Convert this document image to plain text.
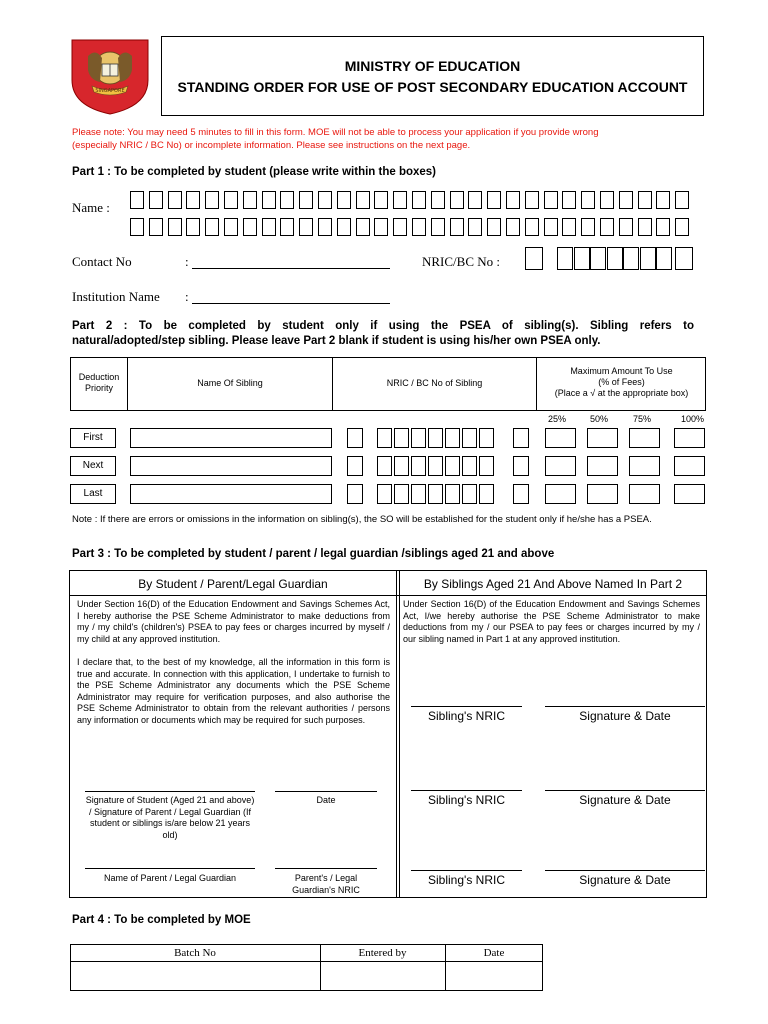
SINGAPORE
MINISTRY OF EDUCATION
STANDING ORDER FOR USE OF POST SECONDARY EDUCATION ACCOUNT
Please note: You may need 5 minutes to fill in this form. MOE will not be able to process your application if you provide wrong
(especially NRIC / BC No) or incomplete information. Please see instructions on the next page.
Part 1 : To be completed by student (please write within the boxes)
Name :
Contact No	:	NRIC/BC No :
Institution Name :
Part 2 : To be completed by student only if using the PSEA of sibling(s). Sibling refers to
natural/adopted/step sibling. Please leave Part 2 blank if student is using his/her own PSEA only.
Deduction Priority	Name Of Sibling	NRIC / BC No of Sibling
Maximum Amount To Use
(% of Fees)
(Place a √ at the appropriate box)
25%	50%	75%	100%
First
Next
Last
Note : If there are errors or omissions in the information on sibling(s), the SO will be established for the student only if he/she has a PSEA.
Part 3 : To be completed by student / parent / legal guardian /siblings aged 21 and above
By Student / Parent/Legal Guardian	By Siblings Aged 21 And Above Named In Part 2
Under Section 16(D) of the Education Endowment and Savings Schemes Act, I hereby authorise the PSE Scheme Administrator to make deductions from my / my child's (children's) PSEA to pay fees or charges incurred by myself / my child at any approved institution.
I declare that, to the best of my knowledge, all the information in this form is true and accurate. In connection with this application, I undertake to furnish to the PSE Scheme Administrator any documents which the PSE Scheme Administrator may require for verification purposes, and also authorise the PSE Scheme Administrator to obtain from the relevant authorities / persons any information or documents which may be required for such purposes.
Under Section 16(D) of the Education Endowment and Savings Schemes Act, I/we hereby authorise the PSE Scheme Administrator to make deductions from my / our PSEA to pay fees or charges incurred by my / our sibling named in Part 1 at any approved institution.
Signature of Student (Aged 21 and above) / Signature of Parent / Legal Guardian (If student or siblings is/are below 21 years old)
Date
Name of Parent / Legal Guardian	Parent's / Legal Guardian's NRIC
Sibling's NRIC	Signature & Date
Sibling's NRIC	Signature & Date
Sibling's NRIC	Signature & Date
Part 4 : To be completed by MOE
Batch No	Entered by	Date
